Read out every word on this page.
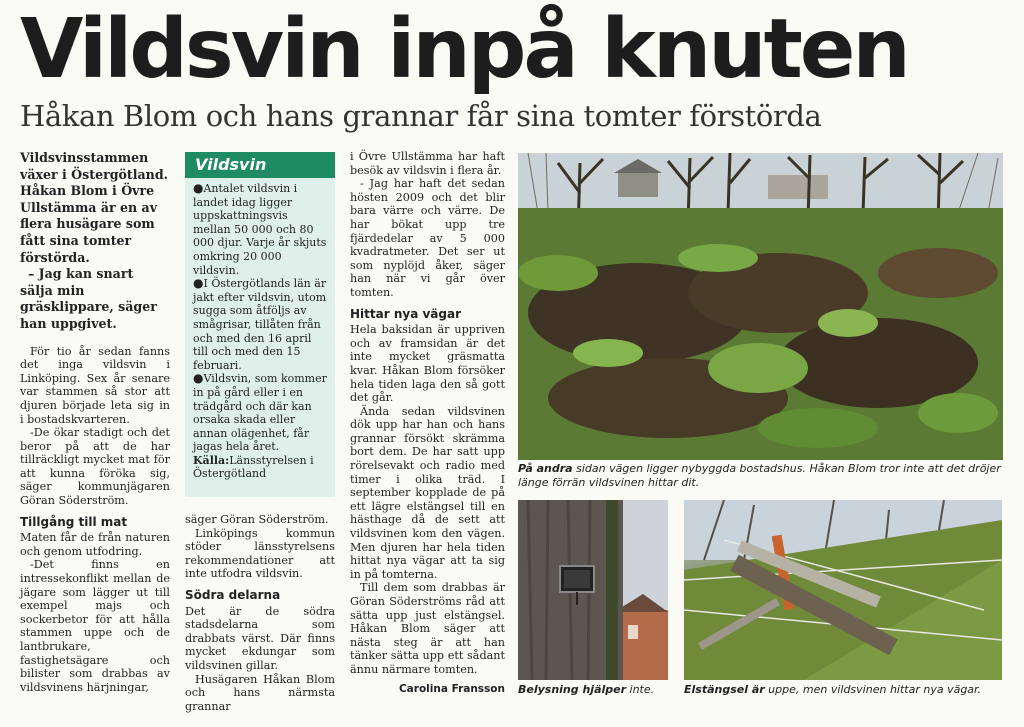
Vildsvin inpå knuten
Håkan Blom och hans grannar får sina tomter förstörda

Vildsvinsstammen växer i Östergötland. Håkan Blom i Övre Ullstämma är en av flera husägare som fått sina tomter förstörda.
– Jag kan snart sälja min gräsklippare, säger han uppgivet.

För tio år sedan fanns det inga vildsvin i Linköping. Sex år senare var stammen så stor att djuren började leta sig in i bostadskvarteren.

-De ökar stadigt och det beror på att de har tillräckligt mycket mat för att kunna föröka sig, säger kommunjägaren Göran Söderström.

Tillgång till mat

Maten får de från naturen och genom utfodring.

-Det finns en intressekonflikt mellan de jägare som lägger ut till exempel majs och sockerbetor för att hålla stammen uppe och de lantbrukare, fastighetsägare och bilister som drabbas av vildsvinens härjningar,

Vildsvin

●Antalet vildsvin i landet idag ligger uppskattningsvis mellan 50 000 och 80 000 djur. Varje år skjuts omkring 20 000 vildsvin.

●I Östergötlands län är jakt efter vildsvin, utom sugga som åtföljs av smågrisar, tillåten från och med den 16 april till och med den 15 februari.

●Vildsvin, som kommer in på gård eller i en trädgård och där kan orsaka skada eller annan olägenhet, får jagas hela året.

Källa:Länsstyrelsen i Östergötland

säger Göran Söderström.

Linköpings kommun stöder länsstyrelsens rekommendationer att inte utfodra vildsvin.

Södra delarna

Det är de södra stadsdelarna som drabbats värst. Där finns mycket ekdungar som vildsvinen gillar.

Husägaren Håkan Blom och hans närmsta grannar

i Övre Ullstämma har haft besök av vildsvin i flera år.

- Jag har haft det sedan hösten 2009 och det blir bara värre och värre. De har bökat upp tre fjärdedelar av 5 000 kvadratmeter. Det ser ut som nyplöjd åker, säger han när vi går över tomten.

Hittar nya vägar

Hela baksidan är uppriven och av framsidan är det inte mycket gräsmatta kvar. Håkan Blom försöker hela tiden laga den så gott det går.

Ända sedan vildsvinen dök upp har han och hans grannar försökt skrämma bort dem. De har satt upp rörelsevakt och radio med timer i olika träd. I september kopplade de på ett lägre elstängsel till en hästhage då de sett att vildsvinen kom den vägen. Men djuren har hela tiden hittat nya vägar att ta sig in på tomterna.

Till dem som drabbas är Göran Söderströms råd att sätta upp just elstängsel. Håkan Blom säger att nästa steg är att han tänker sätta upp ett sådant ännu närmare tomten.

Carolina Fransson

På andra sidan vägen ligger nybyggda bostadshus. Håkan Blom tror inte att det dröjer länge förrän vildsvinen hittar dit.
Belysning hjälper inte.	Elstängsel är uppe, men vildsvinen hittar nya vägar.
